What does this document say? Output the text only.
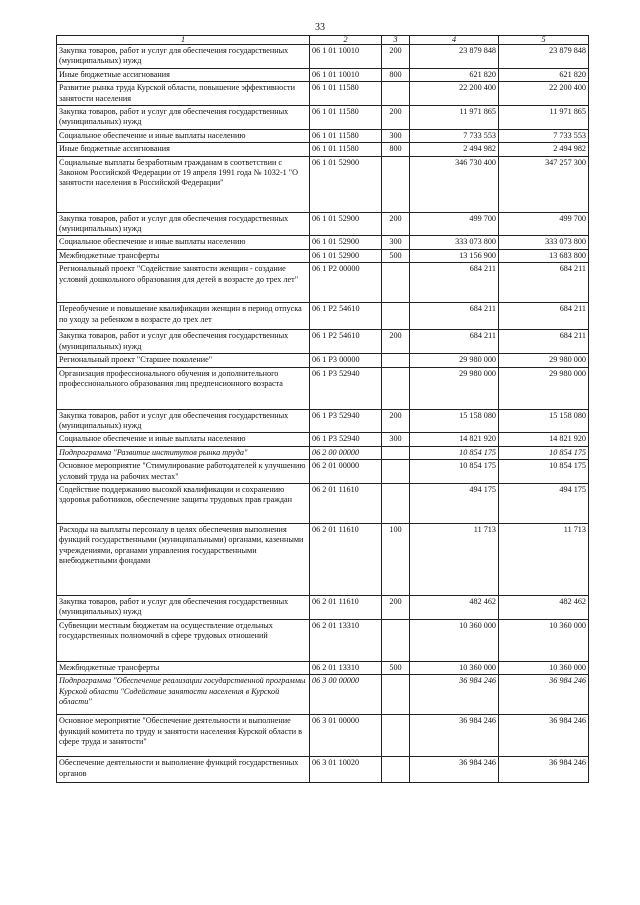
33
1	2	3	4	5
Закупка товаров, работ и услуг для обеспечения государственных (муниципальных) нужд	06 1 01 10010	200	23 879 848	23 879 848
Иные бюджетные ассигнования	06 1 01 10010	800	621 820	621 820
Развитие рынка труда Курской области, повышение эффективности занятости населения	06 1 01 11580		22 200 400	22 200 400
Закупка товаров, работ и услуг для обеспечения государственных (муниципальных) нужд	06 1 01 11580	200	11 971 865	11 971 865
Социальное обеспечение и иные выплаты населению	06 1 01 11580	300	7 733 553	7 733 553
Иные бюджетные ассигнования	06 1 01 11580	800	2 494 982	2 494 982
Социальные выплаты безработным гражданам в соответствии с Законом Российской Федерации от 19 апреля 1991 года № 1032-1 "О занятости населения в Российской Федерации"	06 1 01 52900		346 730 400	347 257 300
Закупка товаров, работ и услуг для обеспечения государственных (муниципальных) нужд	06 1 01 52900	200	499 700	499 700
Социальное обеспечение и иные выплаты населению	06 1 01 52900	300	333 073 800	333 073 800
Межбюджетные трансферты	06 1 01 52900	500	13 156 900	13 683 800
Региональный проект "Содействие занятости женщин - создание условий дошкольного образования для детей в возрасте до трех лет"	06 1 P2 00000		684 211	684 211
Переобучение и повышение квалификации женщин в период отпуска по уходу за ребенком в возрасте до трех лет	06 1 P2 54610		684 211	684 211
Закупка товаров, работ и услуг для обеспечения государственных (муниципальных) нужд	06 1 P2 54610	200	684 211	684 211
Региональный проект "Старшее поколение"	06 1 P3 00000		29 980 000	29 980 000
Организация профессионального обучения и дополнительного профессионального образования лиц предпенсионного возраста	06 1 P3 52940		29 980 000	29 980 000
Закупка товаров, работ и услуг для обеспечения государственных (муниципальных) нужд	06 1 P3 52940	200	15 158 080	15 158 080
Социальное обеспечение и иные выплаты населению	06 1 P3 52940	300	14 821 920	14 821 920
Подпрограмма "Развитие институтов рынка труда"	06 2 00 00000		10 854 175	10 854 175
Основное мероприятие "Стимулирование работодателей к улучшению условий труда на рабочих местах"	06 2 01 00000		10 854 175	10 854 175
Содействие поддержанию высокой квалификации и сохранению здоровья работников, обеспечение защиты трудовых прав граждан	06 2 01 11610		494 175	494 175
Расходы на выплаты персоналу в целях обеспечения выполнения функций государственными (муниципальными) органами, казенными учреждениями, органами управления государственными внебюджетными фондами	06 2 01 11610	100	11 713	11 713
Закупка товаров, работ и услуг для обеспечения государственных (муниципальных) нужд	06 2 01 11610	200	482 462	482 462
Субвенции местным бюджетам на осуществление отдельных государственных полномочий в сфере трудовых отношений	06 2 01 13310		10 360 000	10 360 000
Межбюджетные трансферты	06 2 01 13310	500	10 360 000	10 360 000
Подпрограмма "Обеспечение реализации государственной программы Курской области "Содействие занятости населения в Курской области"	06 3 00 00000		36 984 246	36 984 246
Основное мероприятие "Обеспечение деятельности и выполнение функций комитета по труду и занятости населения Курской области в сфере труда и занятости"	06 3 01 00000		36 984 246	36 984 246
Обеспечение деятельности и выполнение функций государственных органов	06 3 01 10020		36 984 246	36 984 246
